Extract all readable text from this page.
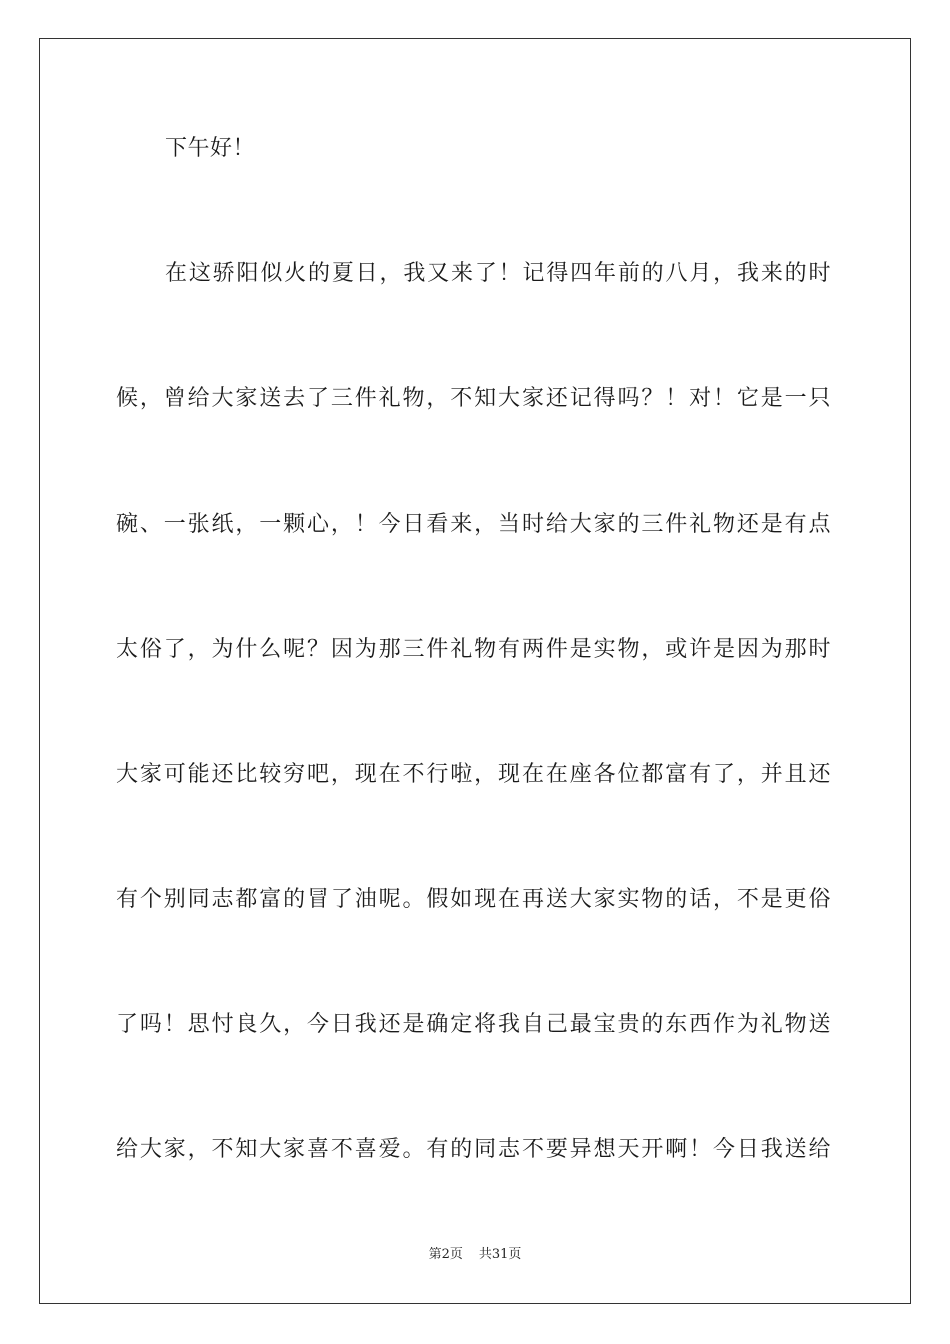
下午好！
在这骄阳似火的夏日，我又来了！记得四年前的八月，我来的时
候，曾给大家送去了三件礼物，不知大家还记得吗？！对！它是一只
碗、一张纸，一颗心，！今日看来，当时给大家的三件礼物还是有点
太俗了，为什么呢？因为那三件礼物有两件是实物，或许是因为那时
大家可能还比较穷吧，现在不行啦，现在在座各位都富有了，并且还
有个别同志都富的冒了油呢。假如现在再送大家实物的话，不是更俗
了吗！思忖良久，今日我还是确定将我自己最宝贵的东西作为礼物送
给大家，不知大家喜不喜爱。有的同志不要异想天开啊！今日我送给
第2页 共31页
